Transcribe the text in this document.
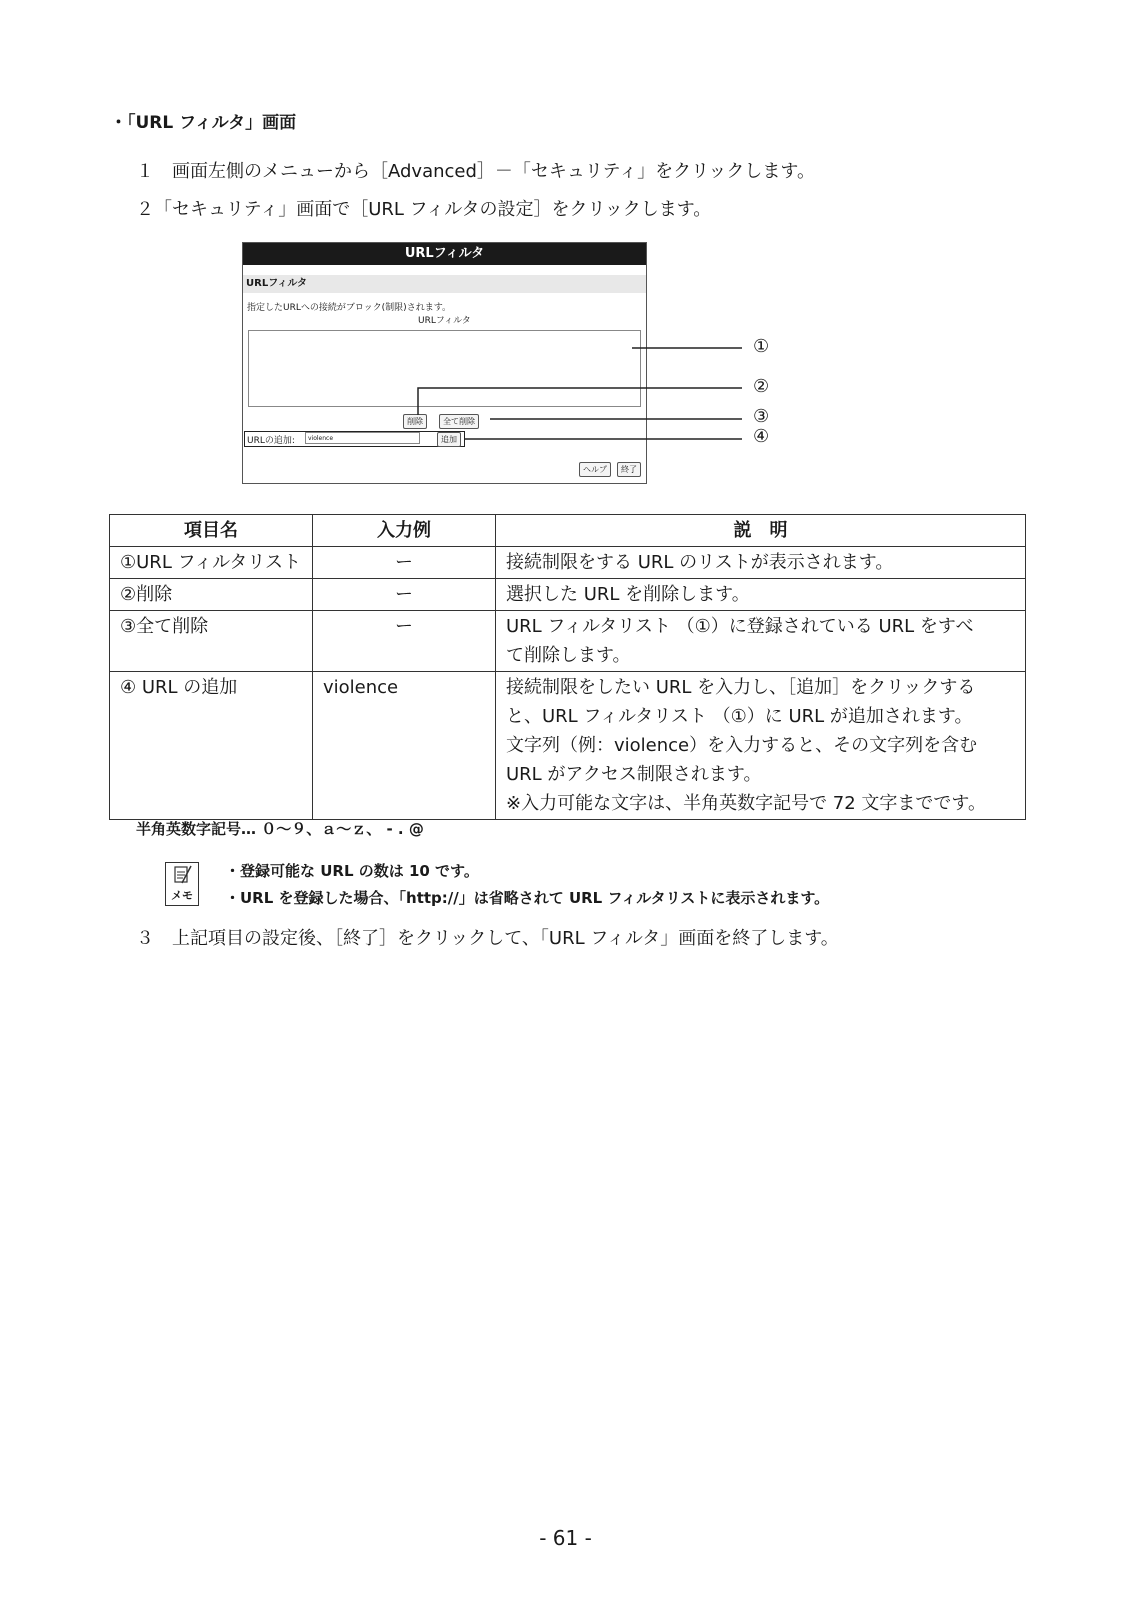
・「URL フィルタ」画面
１　画面左側のメニューから［Advanced］－「セキュリティ」をクリックします。
２「セキュリティ」画面で［URL フィルタの設定］をクリックします。
URLフィルタ
URLフィルタ
指定したURLへの接続がブロック(制限)されます。
URLフィルタ
削除	全て削除
URLの追加:	violence	追加
ヘルプ	終了
①
②
③
④
項目名	入力例	説　明
①URL フィルタリスト	ー	接続制限をする URL のリストが表示されます。

②削除	ー	選択した URL を削除します。

③全て削除	ー	URL フィルタリスト （①）に登録されている URL をすべ
て削除します。

④ URL の追加	violence	接続制限をしたい URL を入力し、［追加］をクリックする
と、URL フィルタリスト （①）に URL が追加されます。
文字列（例：violence）を入力すると、その文字列を含む
URL がアクセス制限されます。
※入力可能な文字は、半角英数字記号で 72 文字までです。
半角英数字記号… ０～９、ａ～ｚ、 - . @
メモ
・登録可能な URL の数は 10 です。
・URL を登録した場合、「http://」は省略されて URL フィルタリストに表示されます。
３　上記項目の設定後、［終了］をクリックして、「URL フィルタ」画面を終了します。
- 61 -
